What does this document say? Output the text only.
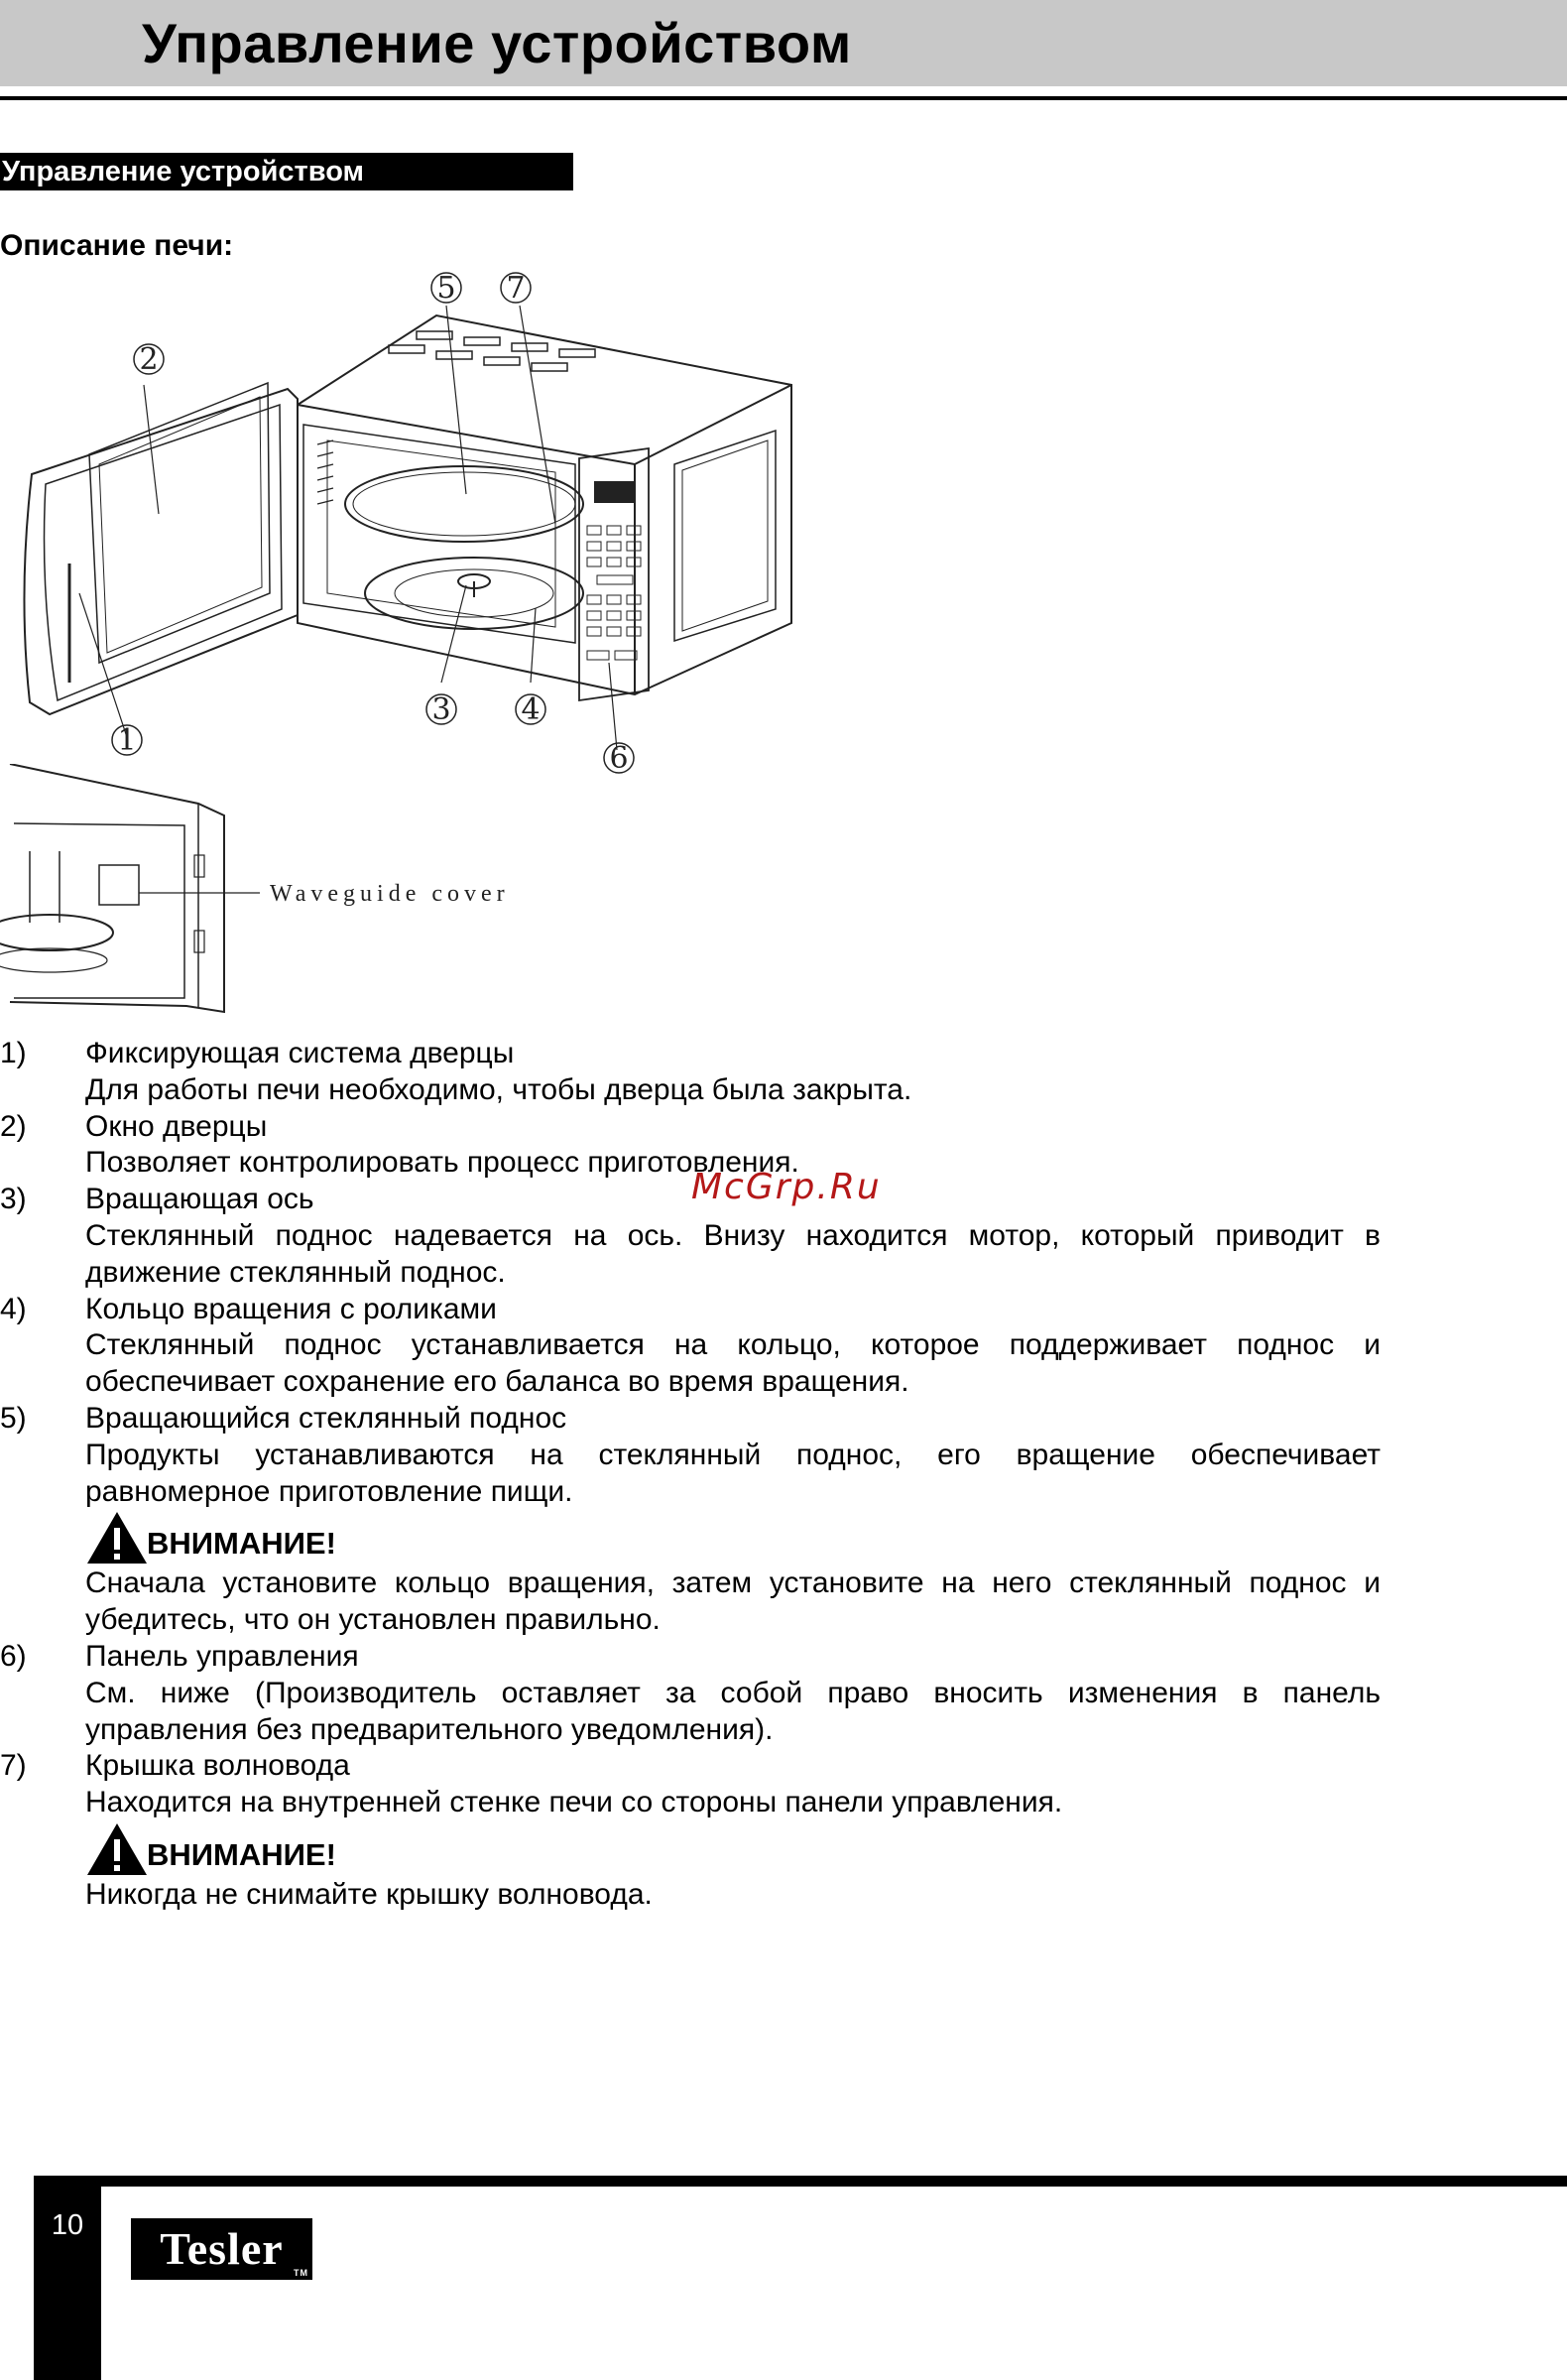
Управление устройством
Управление устройством
Описание печи:
2
5 7
1
3 4
6
Waveguide cover
McGrp.Ru
1)	Фиксирующая система дверцы
Для работы печи необходимо, чтобы дверца была закрыта.
2)	Окно дверцы
Позволяет контролировать процесс приготовления.
3)	Вращающая ось
Стеклянный поднос надевается на ось. Внизу находится мотор, который приводит в движение стеклянный поднос.
4)	Кольцо вращения с роликами
Стеклянный поднос устанавливается на кольцо, которое поддерживает поднос и обеспечивает сохранение его баланса во время вращения.
5)	Вращающийся стеклянный поднос
Продукты устанавливаются на стеклянный поднос, его вращение обеспечивает равномерное приготовление пищи.
ВНИМАНИЕ!
Сначала установите кольцо вращения, затем установите на него стеклянный поднос и убедитесь, что он установлен правильно.
6)	Панель управления
См. ниже (Производитель оставляет за собой право вносить изменения в панель управления без предварительного уведомления).
7)	Крышка волновода
Находится на внутренней стенке печи со стороны панели управления.
ВНИМАНИЕ!
Никогда не снимайте крышку волновода.
10	Tesler TM
